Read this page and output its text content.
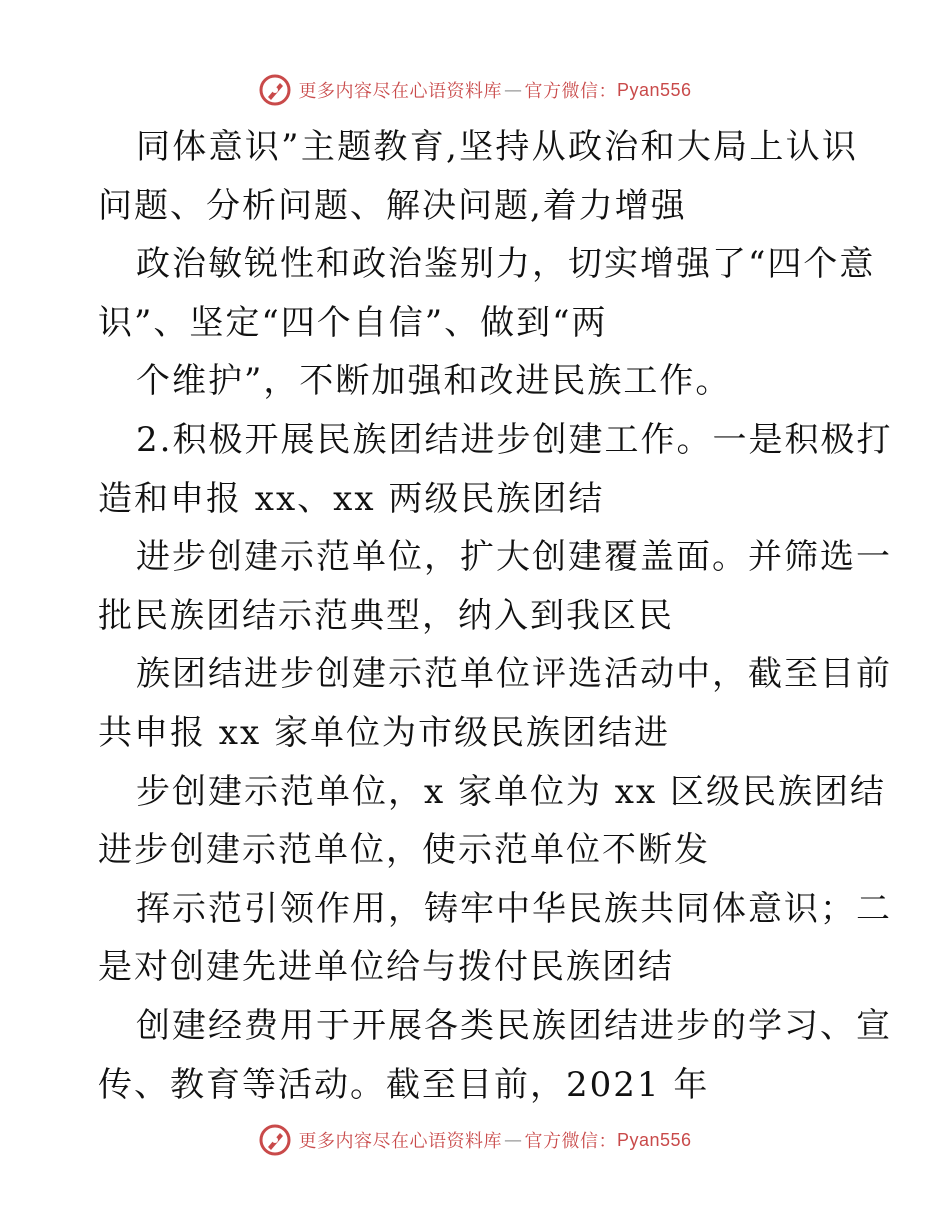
更多内容尽在心语资料库 — 官方微信： Pyan556
同体意识”主题教育,坚持从政治和大局上认识
问题、分析问题、解决问题,着力增强
政治敏锐性和政治鉴别力，切实增强了“四个意
识”、坚定“四个自信”、做到“两
个维护”，不断加强和改进民族工作。
2.积极开展民族团结进步创建工作。一是积极打
造和申报 xx、xx 两级民族团结
进步创建示范单位，扩大创建覆盖面。并筛选一
批民族团结示范典型，纳入到我区民
族团结进步创建示范单位评选活动中，截至目前
共申报 xx 家单位为市级民族团结进
步创建示范单位，x 家单位为 xx 区级民族团结
进步创建示范单位，使示范单位不断发
挥示范引领作用，铸牢中华民族共同体意识；二
是对创建先进单位给与拨付民族团结
创建经费用于开展各类民族团结进步的学习、宣
传、教育等活动。截至目前，2021 年
更多内容尽在心语资料库 — 官方微信： Pyan556
